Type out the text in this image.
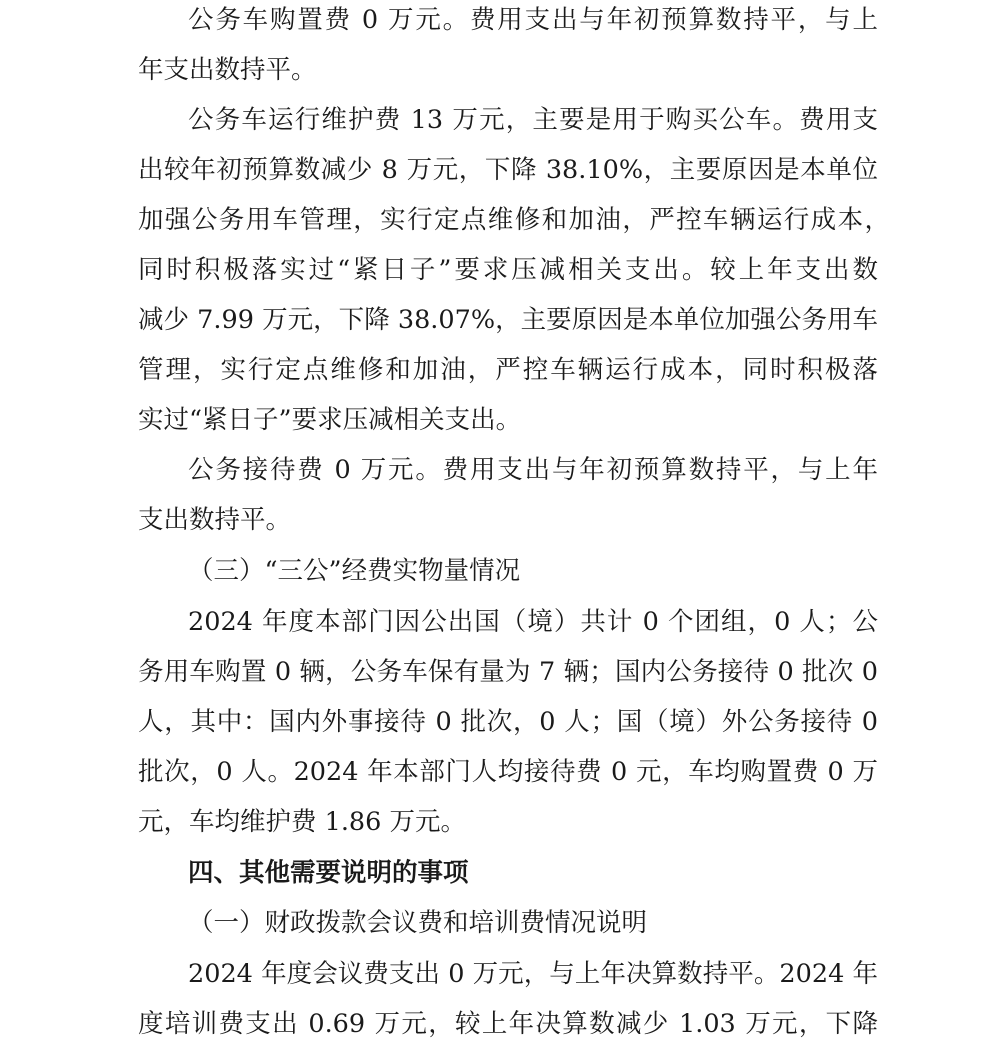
公务车购置费 0 万元。费用支出与年初预算数持平，与上
年支出数持平。
公务车运行维护费 13 万元，主要是用于购买公车。费用支
出较年初预算数减少 8 万元，下降 38.10%，主要原因是本单位
加强公务用车管理，实行定点维修和加油，严控车辆运行成本，
同时积极落实过“紧日子”要求压减相关支出。较上年支出数
减少 7.99 万元，下降 38.07%，主要原因是本单位加强公务用车
管理，实行定点维修和加油，严控车辆运行成本，同时积极落
实过“紧日子”要求压减相关支出。
公务接待费 0 万元。费用支出与年初预算数持平，与上年
支出数持平。
（三）“三公”经费实物量情况
2024 年度本部门因公出国（境）共计 0 个团组，0 人；公
务用车购置 0 辆，公务车保有量为 7 辆；国内公务接待 0 批次 0
人，其中：国内外事接待 0 批次，0 人；国（境）外公务接待 0
批次，0 人。2024 年本部门人均接待费 0 元，车均购置费 0 万
元，车均维护费 1.86 万元。
四、其他需要说明的事项
（一）财政拨款会议费和培训费情况说明
2024 年度会议费支出 0 万元，与上年决算数持平。2024 年
度培训费支出 0.69 万元，较上年决算数减少 1.03 万元，下降
